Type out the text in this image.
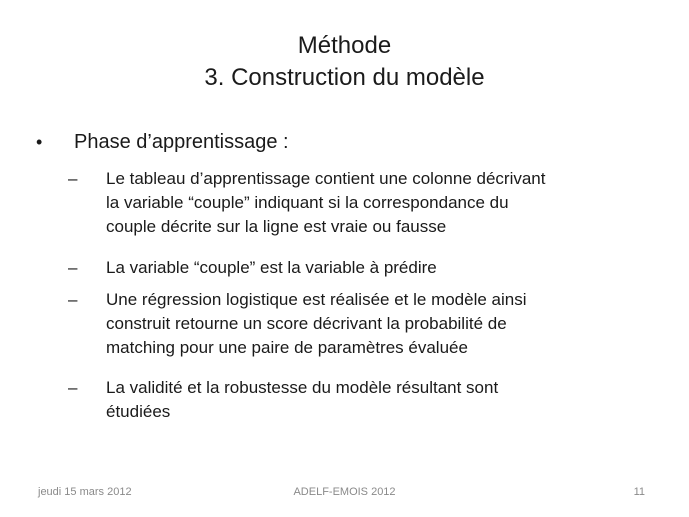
Méthode
3. Construction du modèle
• Phase d’apprentissage :
–	Le tableau d’apprentissage contient une colonne décrivant
la variable “couple” indiquant si la correspondance du
couple décrite sur la ligne est vraie ou fausse
–	La variable “couple” est la variable à prédire
–	Une régression logistique est réalisée et le modèle ainsi
construit retourne un score décrivant la probabilité de
matching pour une paire de paramètres évaluée
–	La validité et la robustesse du modèle résultant sont
étudiées
jeudi 15 mars 2012	ADELF-EMOIS 2012	11
